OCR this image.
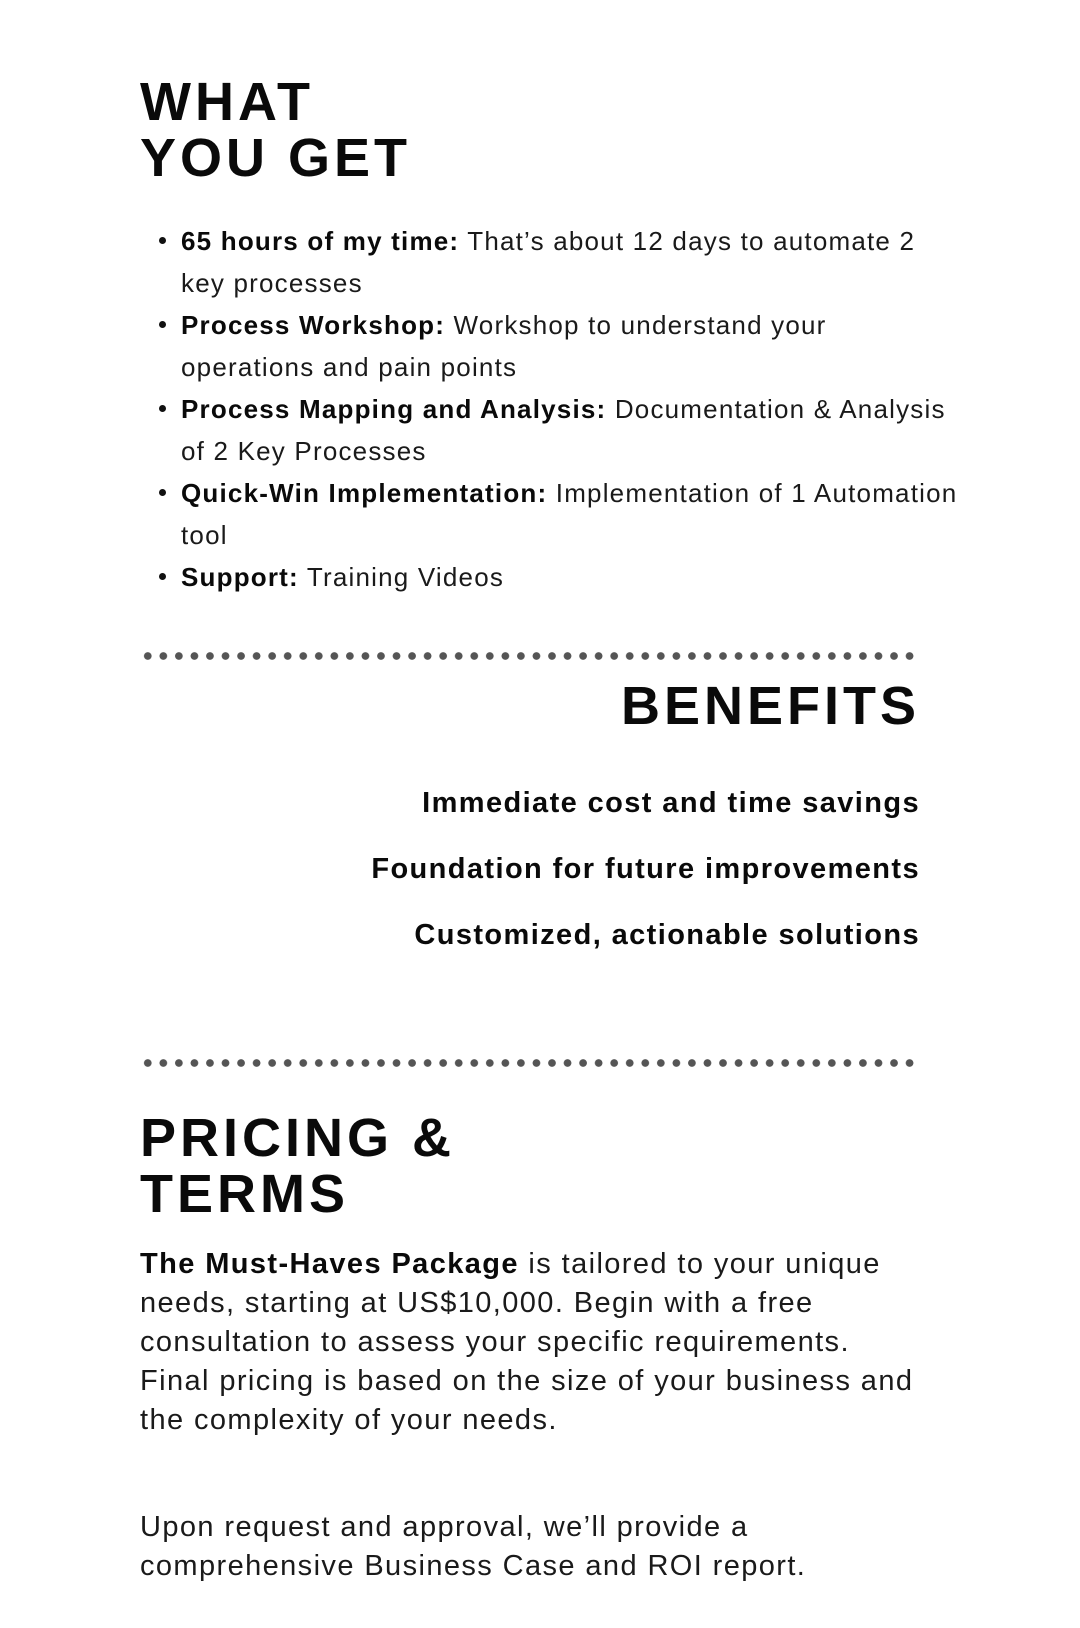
WHAT
YOU GET
65 hours of my time: That’s about 12 days to automate 2 key processes
Process Workshop: Workshop to understand your operations and pain points
Process Mapping and Analysis: Documentation & Analysis of 2 Key Processes
Quick-Win Implementation: Implementation of 1 Automation tool
Support: Training Videos
BENEFITS
Immediate cost and time savings
Foundation for future improvements
Customized, actionable solutions
PRICING &
TERMS

The Must-Haves Package is tailored to your unique needs, starting at US$10,000. Begin with a free consultation to assess your specific requirements. Final pricing is based on the size of your business and the complexity of your needs.

Upon request and approval, we’ll provide a comprehensive Business Case and ROI report.
